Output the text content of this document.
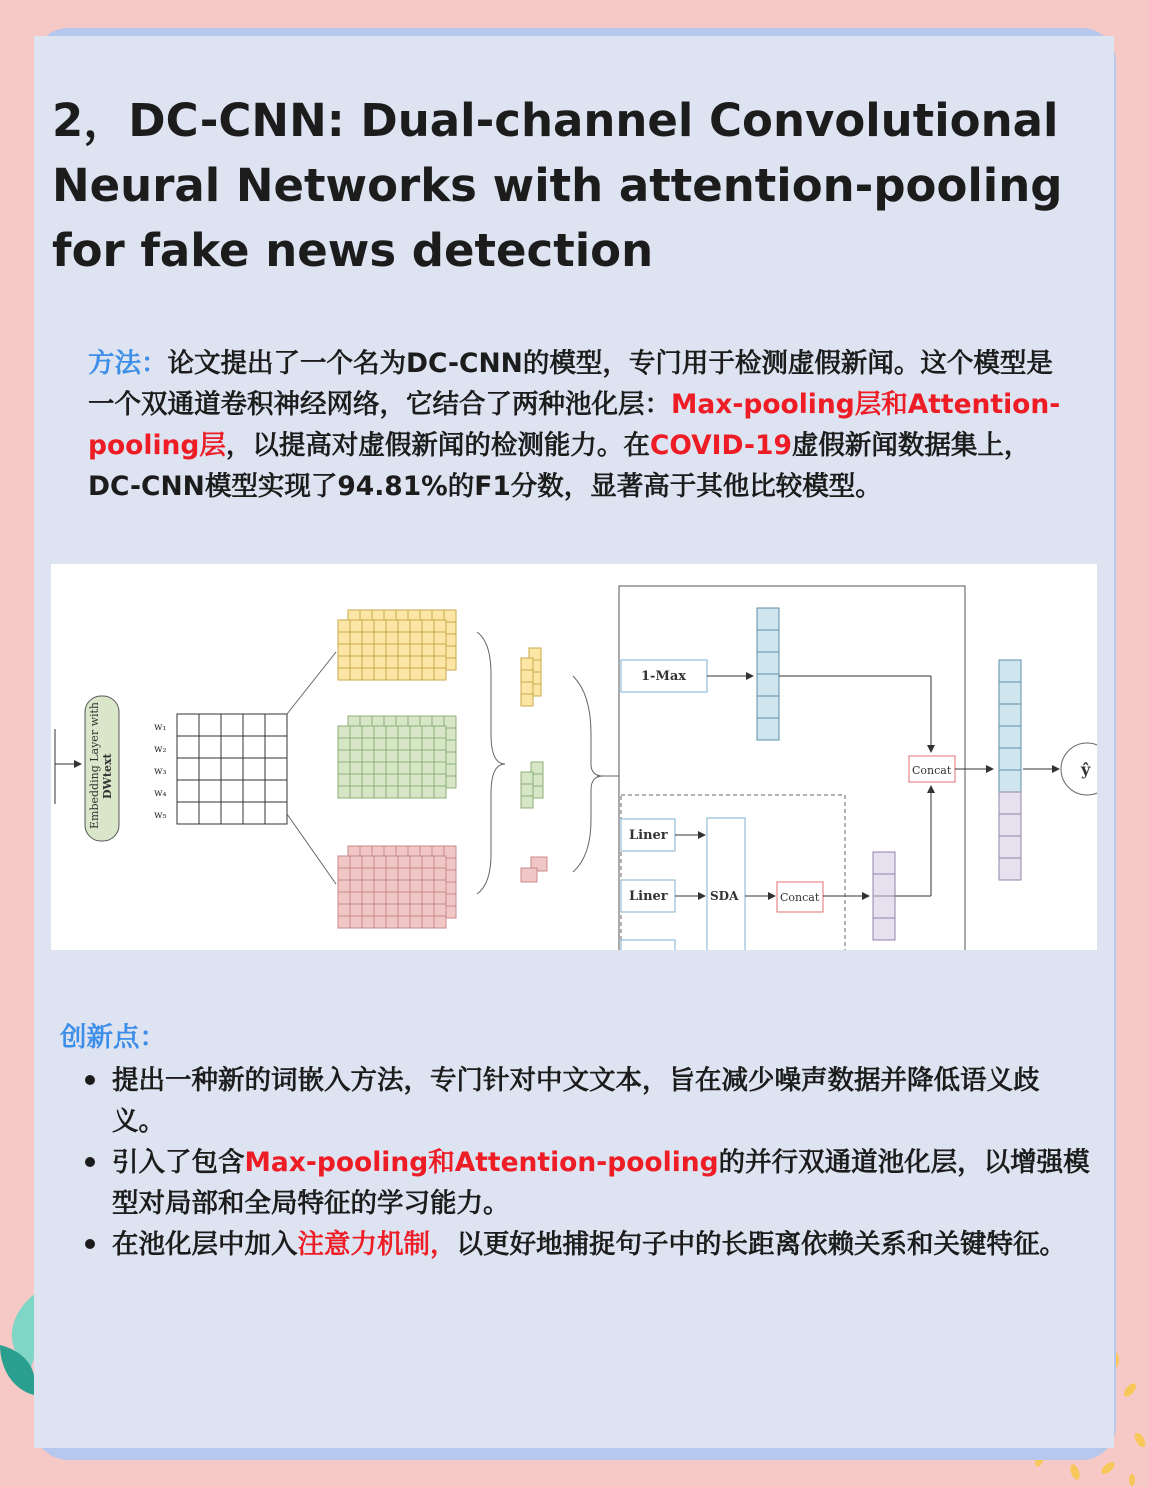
2，DC-CNN: Dual-channel Convolutional Neural Networks with attention-pooling for fake news detection

方法：论文提出了一个名为DC-CNN的模型，专门用于检测虚假新闻。这个模型是一个双通道卷积神经网络，它结合了两种池化层：Max-pooling层和Attention-pooling层，以提高对虚假新闻的检测能力。在COVID-19虚假新闻数据集上，DC-CNN模型实现了94.81%的F1分数，显著高于其他比较模型。

Embedding Layer with DWtext
w₁
w₂
w₃
w₄
w₅
1-Max
Concat	ŷ
Liner
Liner	SDA	Concat
创新点：
提出一种新的词嵌入方法，专门针对中文文本，旨在减少噪声数据并降低语义歧义。
引入了包含Max-pooling和Attention-pooling的并行双通道池化层，以增强模型对局部和全局特征的学习能力。
在池化层中加入注意力机制，以更好地捕捉句子中的长距离依赖关系和关键特征。
